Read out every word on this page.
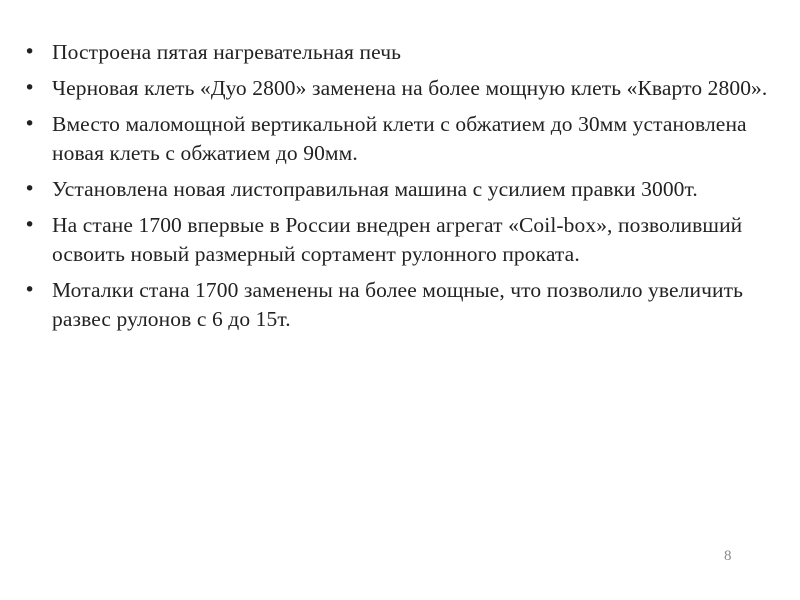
• Построена пятая нагревательная печь
• Черновая клеть «Дуо 2800» заменена на более мощную клеть «Кварто 2800».
• Вместо маломощной вертикальной клети с обжатием до 30мм установлена новая клеть с обжатием до 90мм.
• Установлена новая листоправильная машина с усилием правки 3000т.
• На стане 1700 впервые в России внедрен агрегат «Coil-box», позволивший освоить новый размерный сортамент рулонного проката.
• Моталки стана 1700 заменены на более мощные, что позволило увеличить развес рулонов с 6 до 15т.
8
